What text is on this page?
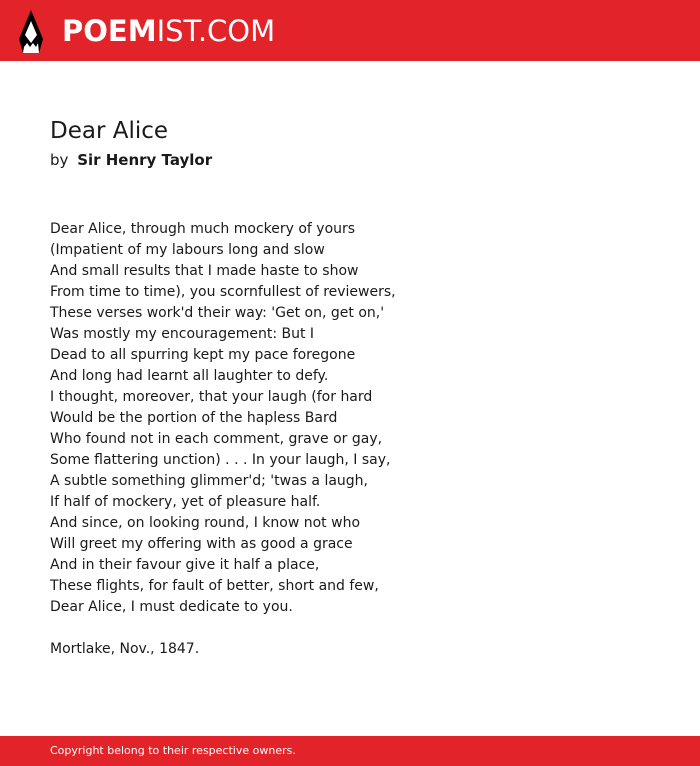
POEMIST.COM
Dear Alice
by Sir Henry Taylor
Dear Alice, through much mockery of yours
(Impatient of my labours long and slow
And small results that I made haste to show
From time to time), you scornfullest of reviewers,
These verses work'd their way: 'Get on, get on,'
Was mostly my encouragement: But I
Dead to all spurring kept my pace foregone
And long had learnt all laughter to defy.
I thought, moreover, that your laugh (for hard
Would be the portion of the hapless Bard
Who found not in each comment, grave or gay,
Some flattering unction) . . . In your laugh, I say,
A subtle something glimmer'd; 'twas a laugh,
If half of mockery, yet of pleasure half.
And since, on looking round, I know not who
Will greet my offering with as good a grace
And in their favour give it half a place,
These flights, for fault of better, short and few,
Dear Alice, I must dedicate to you.
Mortlake, Nov., 1847.
Copyright belong to their respective owners.
